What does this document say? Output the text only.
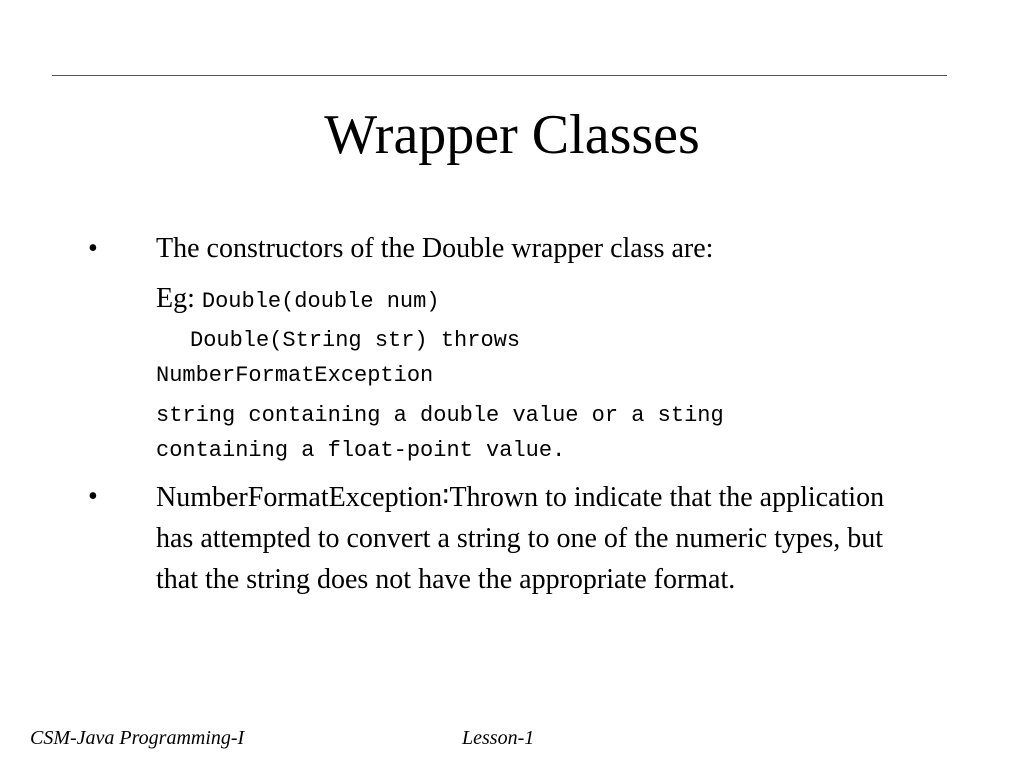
Wrapper Classes
• The constructors of the Double wrapper class are:
Eg: Double(double num)
Double(String str) throws
NumberFormatException
string containing a double value or a sting
containing a float-point value.
• NumberFormatException∶Thrown to indicate that the application has attempted to convert a string to one of the numeric types, but that the string does not have the appropriate format.
CSM-Java Programming-I	Lesson-1
